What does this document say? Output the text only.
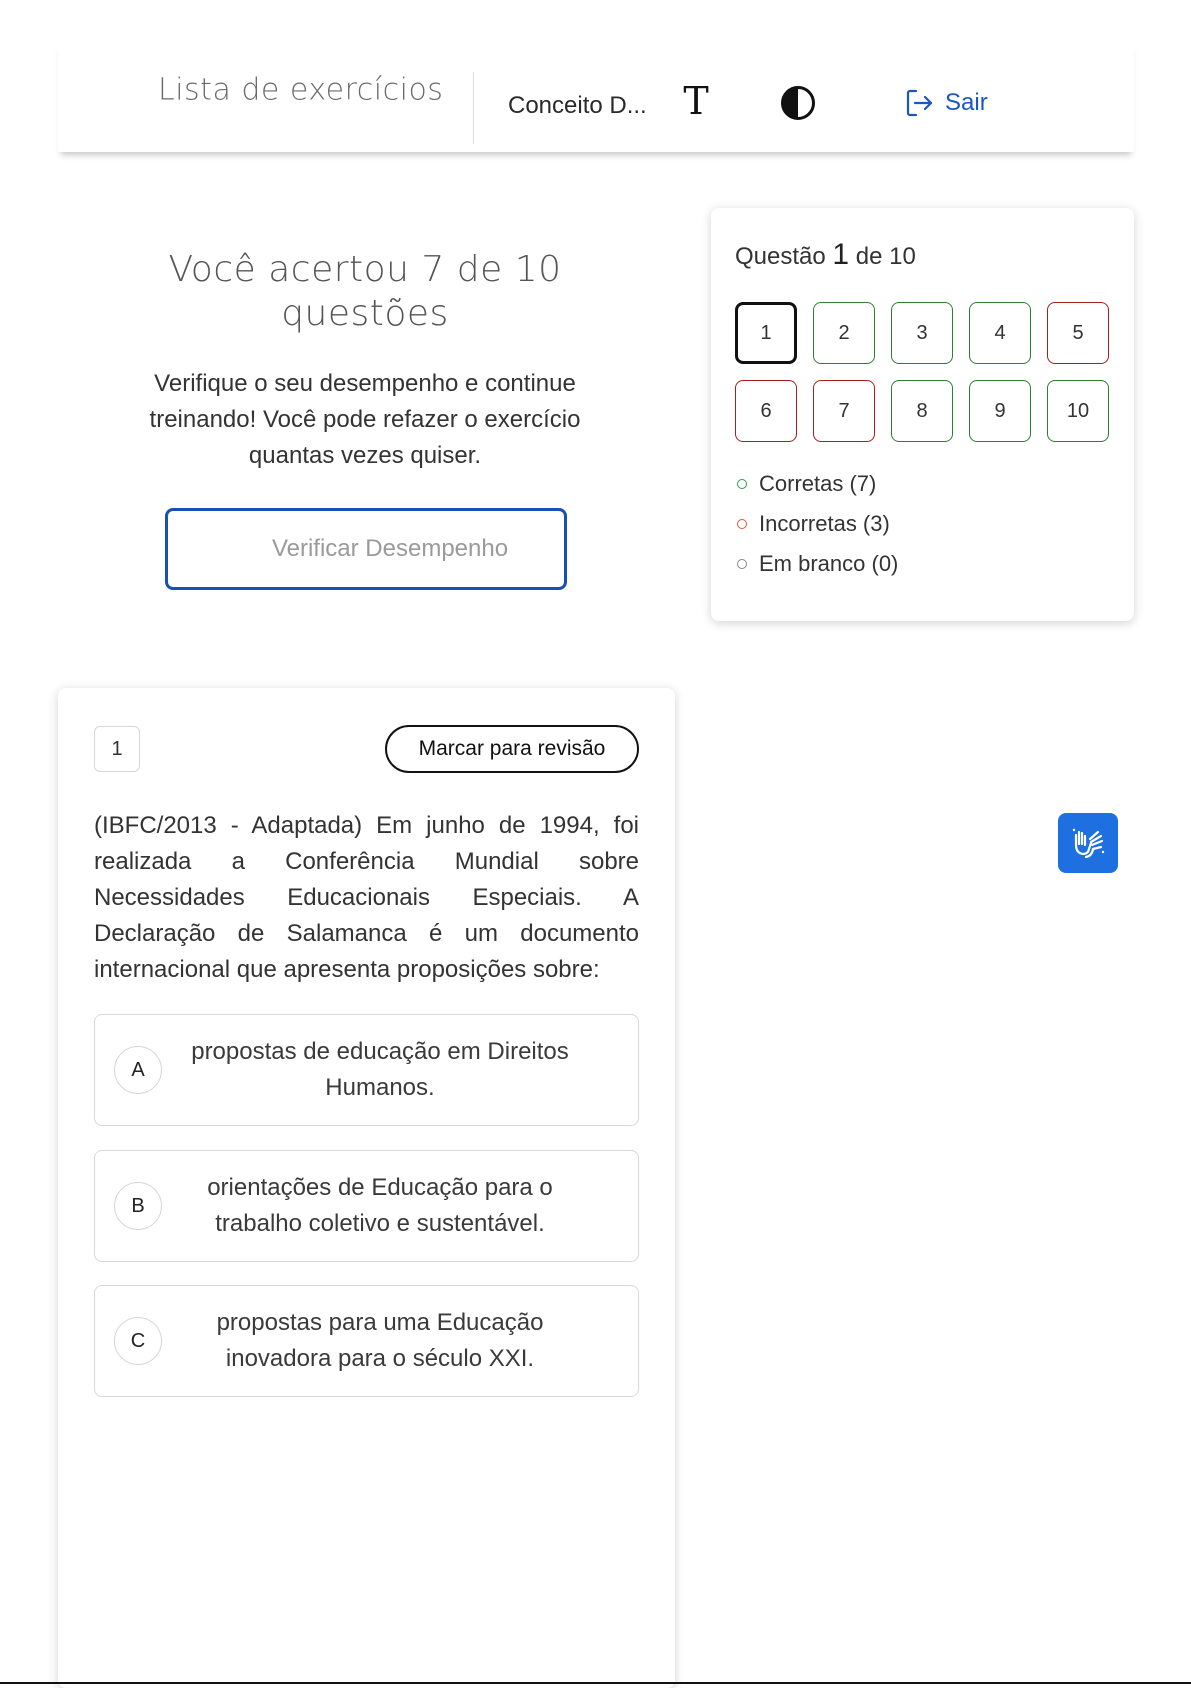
Lista de exercícios	Conceito D... T	Sair
Você acertou 7 de 10 questões
Verifique o seu desempenho e continue treinando! Você pode refazer o exercício quantas vezes quiser.
Verificar Desempenho
Questão 1 de 10
1	2	3	4	5
6	7	8	9	10
Corretas (7)
Incorretas (3)
Em branco (0)
1	Marcar para revisão
(IBFC/2013 - Adaptada) Em junho de 1994, foi realizada a Conferência Mundial sobre Necessidades Educacionais Especiais. A Declaração de Salamanca é um documento internacional que apresenta proposições sobre:
A
propostas de educação em Direitos Humanos.
B
orientações de Educação para o trabalho coletivo e sustentável.
C
propostas para uma Educação inovadora para o século XXI.
